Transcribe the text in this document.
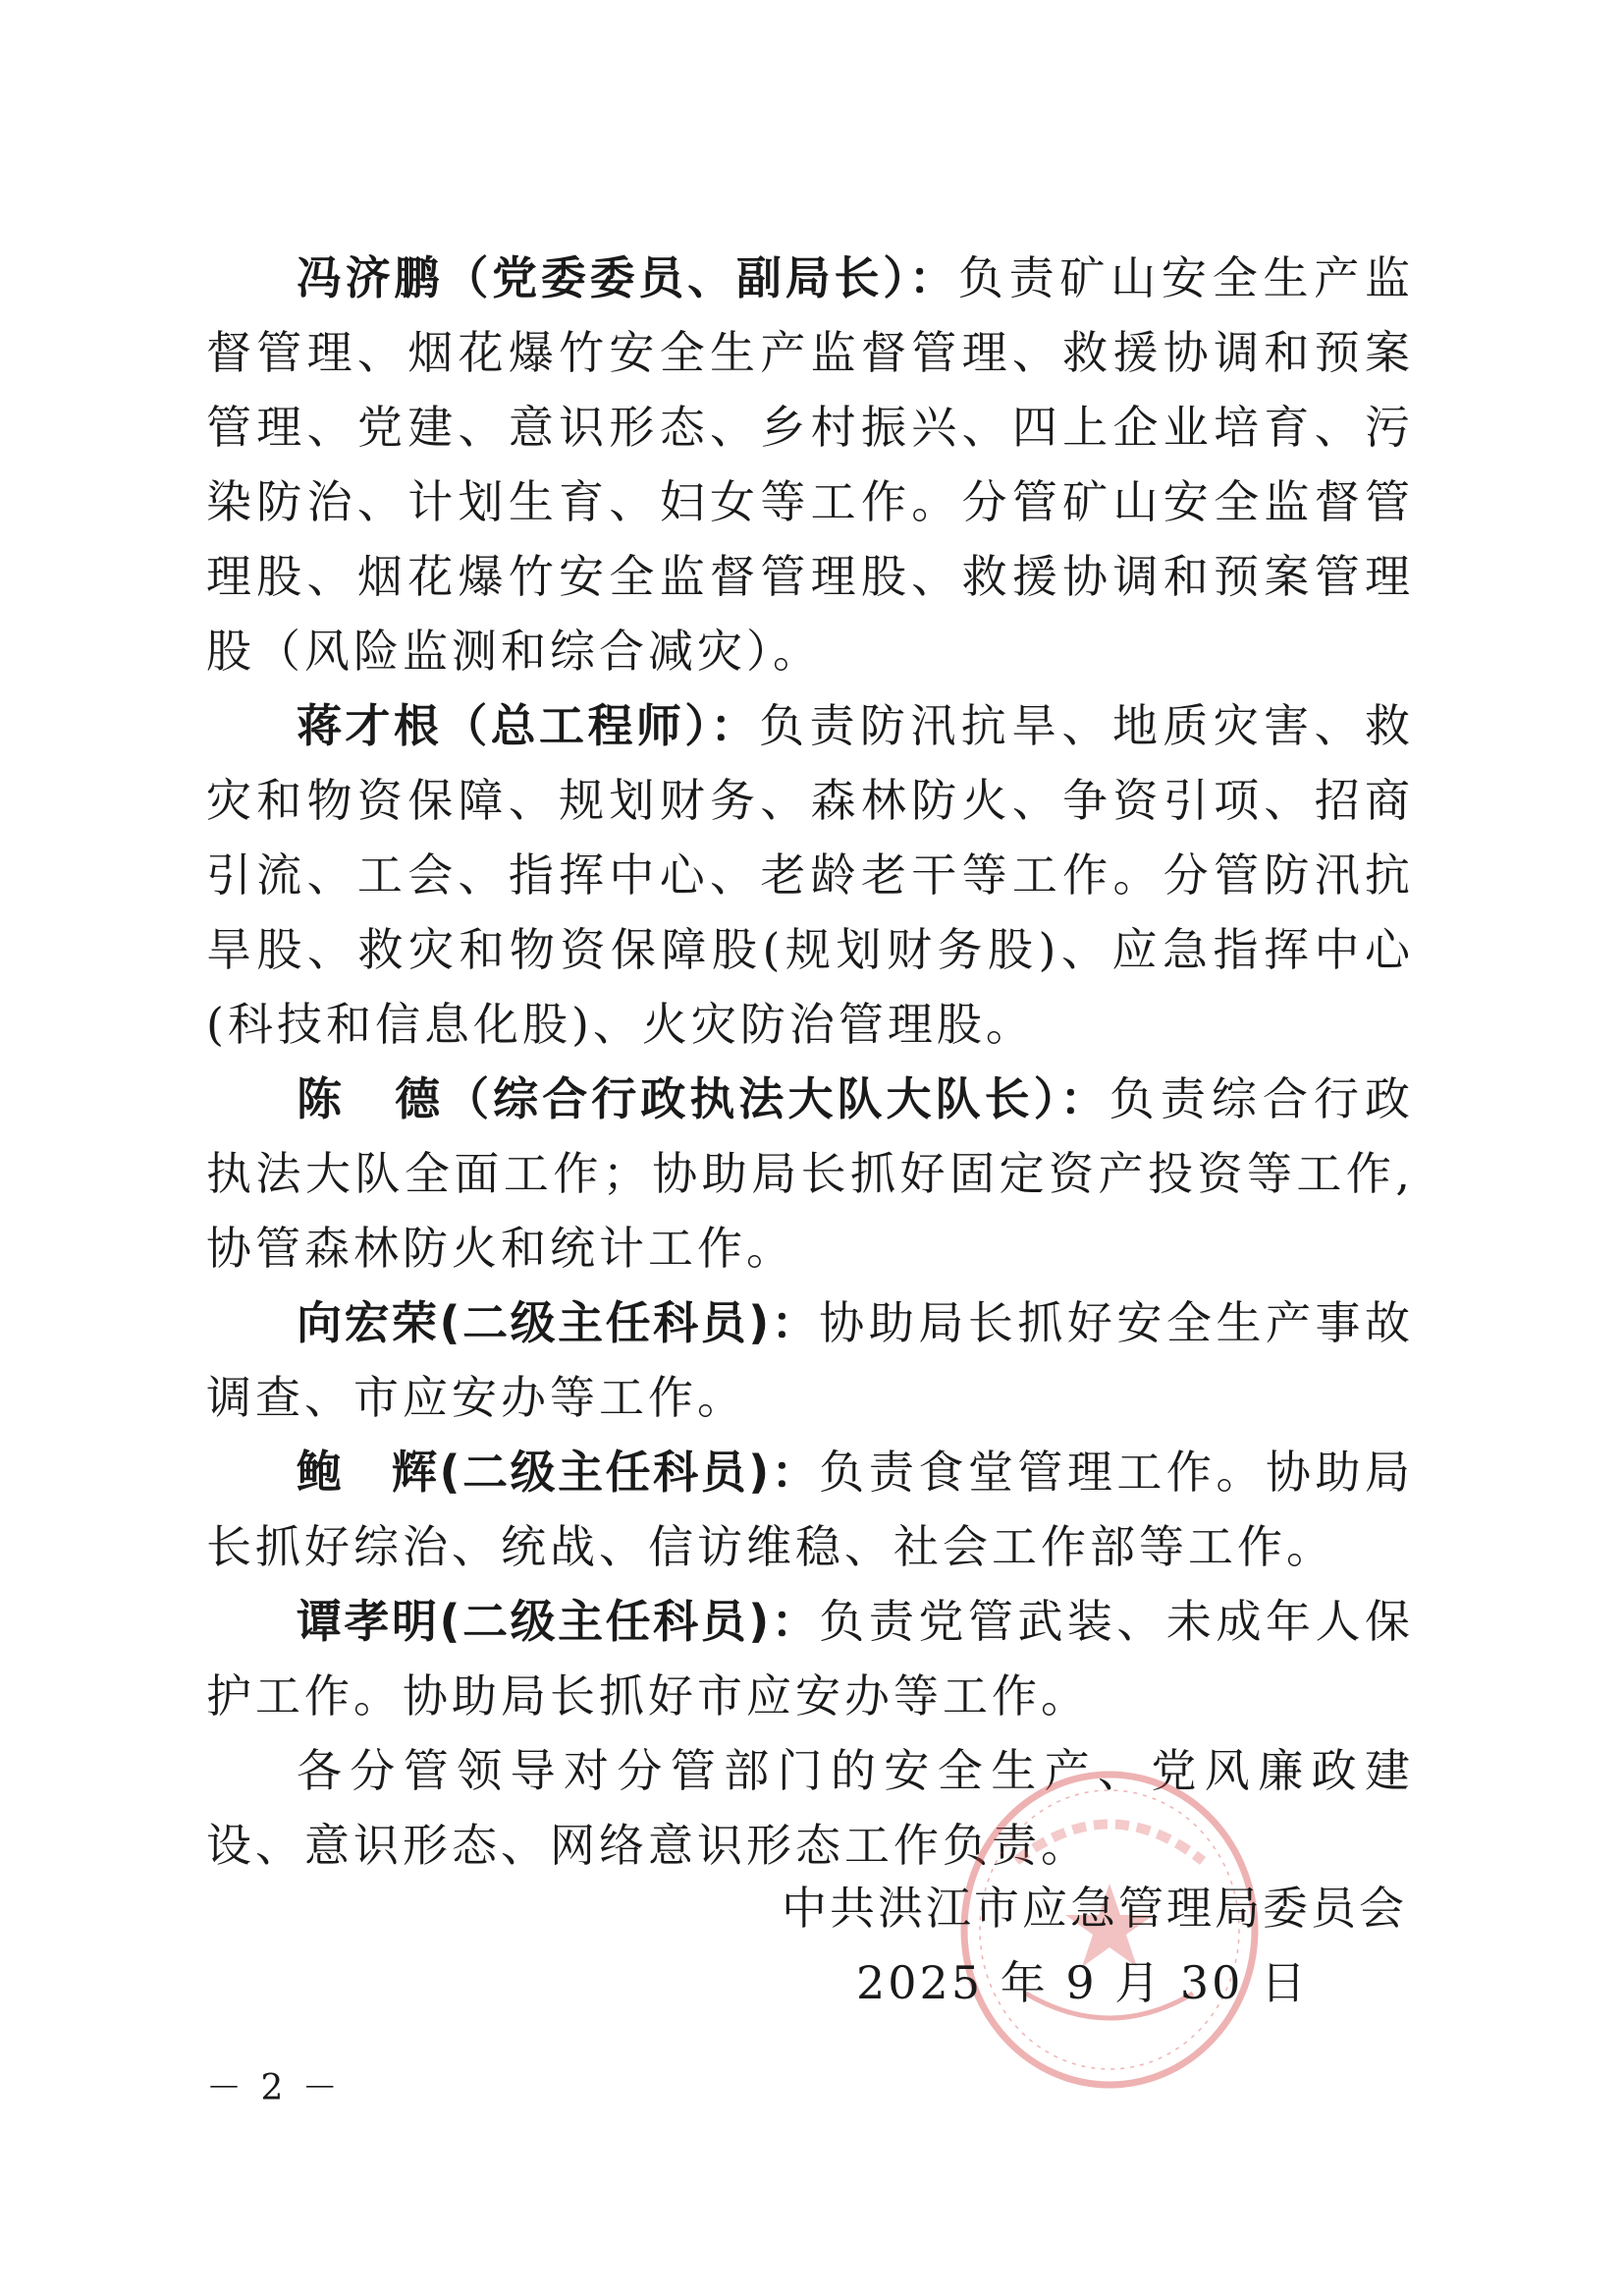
冯济鹏（党委委员、副局长）：负责矿山安全生产监督管理、烟花爆竹安全生产监督管理、救援协调和预案管理、党建、意识形态、乡村振兴、四上企业培育、污染防治、计划生育、妇女等工作。分管矿山安全监督管理股、烟花爆竹安全监督管理股、救援协调和预案管理股（风险监测和综合减灾）。

蒋才根（总工程师）：负责防汛抗旱、地质灾害、救灾和物资保障、规划财务、森林防火、争资引项、招商引流、工会、指挥中心、老龄老干等工作。分管防汛抗旱股、救灾和物资保障股(规划财务股)、应急指挥中心(科技和信息化股)、火灾防治管理股。

陈　德（综合行政执法大队大队长）：负责综合行政执法大队全面工作；协助局长抓好固定资产投资等工作,协管森林防火和统计工作。

向宏荣(二级主任科员)：协助局长抓好安全生产事故调查、市应安办等工作。

鲍　辉(二级主任科员)：负责食堂管理工作。协助局长抓好综治、统战、信访维稳、社会工作部等工作。

谭孝明(二级主任科员)：负责党管武装、未成年人保护工作。协助局长抓好市应安办等工作。

各分管领导对分管部门的安全生产、党风廉政建设、意识形态、网络意识形态工作负责。

中共洪江市应急管理局委员会
2025 年 9 月 30 日
－ 2 －
